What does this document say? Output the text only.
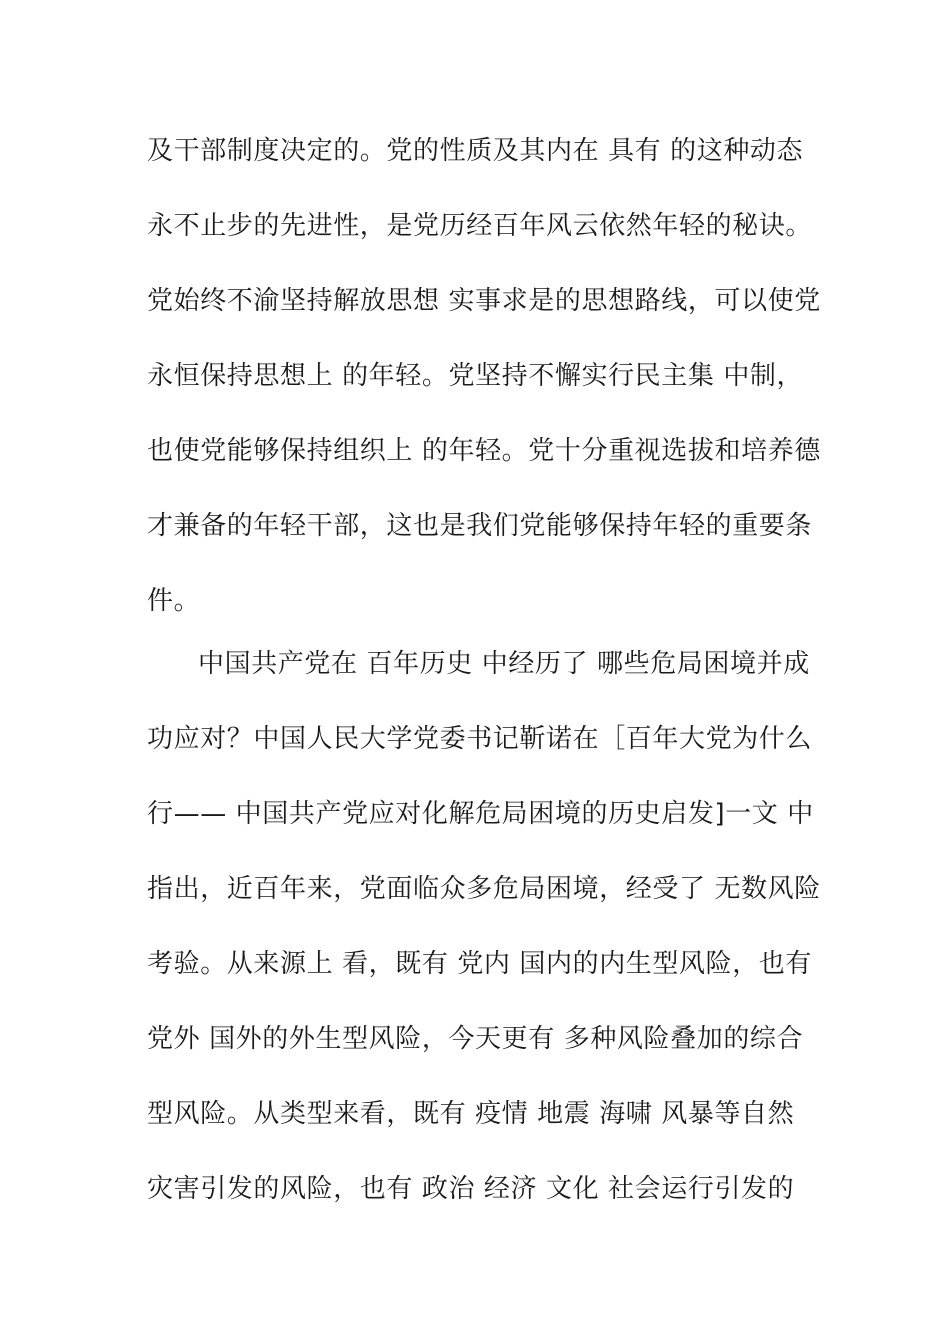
及干部制度决定的。党的性质及其内在 具有 的这种动态
永不止步的先进性，是党历经百年风云依然年轻的秘诀。
党始终不渝坚持解放思想 实事求是的思想路线，可以使党
永恒保持思想上 的年轻。党坚持不懈实行民主集 中制，
也使党能够保持组织上 的年轻。党十分重视选拔和培养德
才兼备的年轻干部，这也是我们党能够保持年轻的重要条
件。
中国共产党在 百年历史 中经历了 哪些危局困境并成
功应对？中国人民大学党委书记靳诺在［百年大党为什么
行—— 中国共产党应对化解危局困境的历史启发]一文 中
指出，近百年来，党面临众多危局困境，经受了 无数风险
考验。从来源上 看，既有 党内 国内的内生型风险，也有
党外 国外的外生型风险，今天更有 多种风险叠加的综合
型风险。从类型来看，既有 疫情 地震 海啸 风暴等自然
灾害引发的风险，也有 政治 经济 文化 社会运行引发的
